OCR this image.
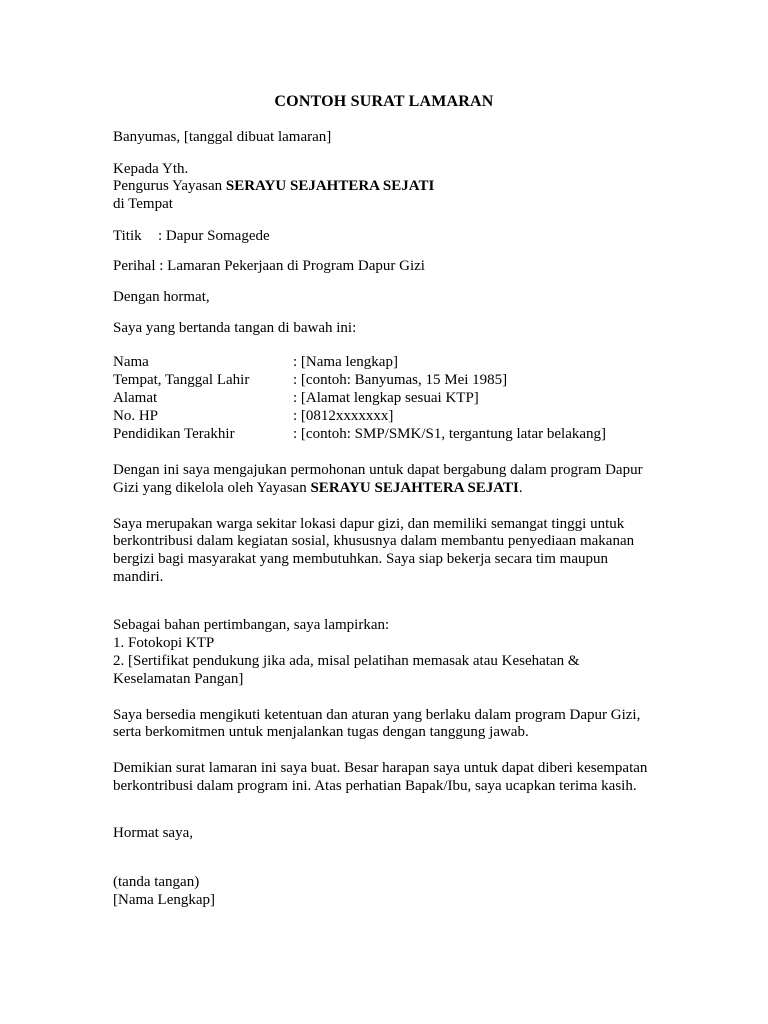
CONTOH SURAT LAMARAN
Banyumas, [tanggal dibuat lamaran]
Kepada Yth.
Pengurus Yayasan SERAYU SEJAHTERA SEJATI
di Tempat
Titik : Dapur Somagede
Perihal : Lamaran Pekerjaan di Program Dapur Gizi
Dengan hormat,
Saya yang bertanda tangan di bawah ini:
Nama	: [Nama lengkap]
Tempat, Tanggal Lahir	: [contoh: Banyumas, 15 Mei 1985]
Alamat	: [Alamat lengkap sesuai KTP]
No. HP	: [0812xxxxxxx]
Pendidikan Terakhir	: [contoh: SMP/SMK/S1, tergantung latar belakang]
Dengan ini saya mengajukan permohonan untuk dapat bergabung dalam program Dapur
Gizi yang dikelola oleh Yayasan SERAYU SEJAHTERA SEJATI.
Saya merupakan warga sekitar lokasi dapur gizi, dan memiliki semangat tinggi untuk
berkontribusi dalam kegiatan sosial, khususnya dalam membantu penyediaan makanan
bergizi bagi masyarakat yang membutuhkan. Saya siap bekerja secara tim maupun
mandiri.
Sebagai bahan pertimbangan, saya lampirkan:
1. Fotokopi KTP
2. [Sertifikat pendukung jika ada, misal pelatihan memasak atau Kesehatan &
Keselamatan Pangan]
Saya bersedia mengikuti ketentuan dan aturan yang berlaku dalam program Dapur Gizi,
serta berkomitmen untuk menjalankan tugas dengan tanggung jawab.
Demikian surat lamaran ini saya buat. Besar harapan saya untuk dapat diberi kesempatan
berkontribusi dalam program ini. Atas perhatian Bapak/Ibu, saya ucapkan terima kasih.
Hormat saya,
(tanda tangan)
[Nama Lengkap]
